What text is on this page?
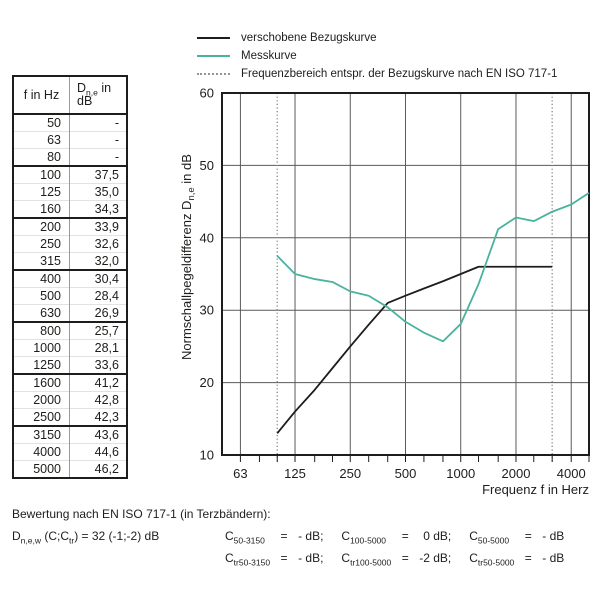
63	125	250	500 1000 2000 4000
10
20
30
40
50
60
Frequenz f in Herz
Normschallpegeldifferenz $D_{n,e}$ in dB
verschobene Bezugskurve
Messkurve
Frequenzbereich entspr. der Bezugskurve nach EN ISO 717-1
f in Hz	$D_{n,e}$ in dB
50	-
63	-
80	-
100	37,5
125	35,0
160	34,3
200	33,9
250	32,6
315	32,0
400	30,4
500	28,4
630	26,9
800	25,7
1000	28,1
1250	33,6
1600	41,2
2000	42,8
2500	42,3
3150	43,6
4000	44,6
5000	46,2
Bewertung nach EN ISO 717-1 (in Terzbändern):
$D_{n,e,w}$ $(C;C_{tr}) = 32$ (-1;-2) dB	$C_{50-3150}$	= - dB; $C_{100-5000}$	=	0 dB; $C_{50-5000}$	= - dB
$C_{tr50-3150}$ = - dB; $C_{tr100-5000} = -2$ dB; $C_{tr50-5000}$ = - dB
